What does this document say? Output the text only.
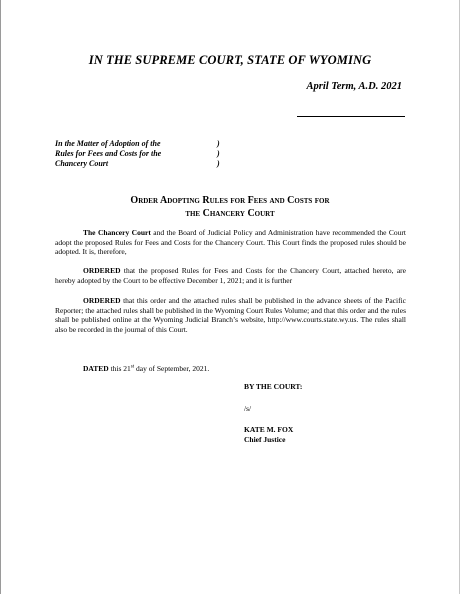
IN THE SUPREME COURT, STATE OF WYOMING
April Term, A.D. 2021
In the Matter of Adoption of the
Rules for Fees and Costs for the
Chancery Court
)
)
)
Order Adopting Rules for Fees and Costs for
the Chancery Court
The Chancery Court and the Board of Judicial Policy and Administration have recommended the Court adopt the proposed Rules for Fees and Costs for the Chancery Court. This Court finds the proposed rules should be adopted. It is, therefore,
ORDERED that the proposed Rules for Fees and Costs for the Chancery Court, attached hereto, are hereby adopted by the Court to be effective December 1, 2021; and it is further
ORDERED that this order and the attached rules shall be published in the advance sheets of the Pacific Reporter; the attached rules shall be published in the Wyoming Court Rules Volume; and that this order and the rules shall be published online at the Wyoming Judicial Branch’s website, http://www.courts.state.wy.us. The rules shall also be recorded in the journal of this Court.
DATED this 21st day of September, 2021.
BY THE COURT:
/s/
KATE M. FOX
Chief Justice
